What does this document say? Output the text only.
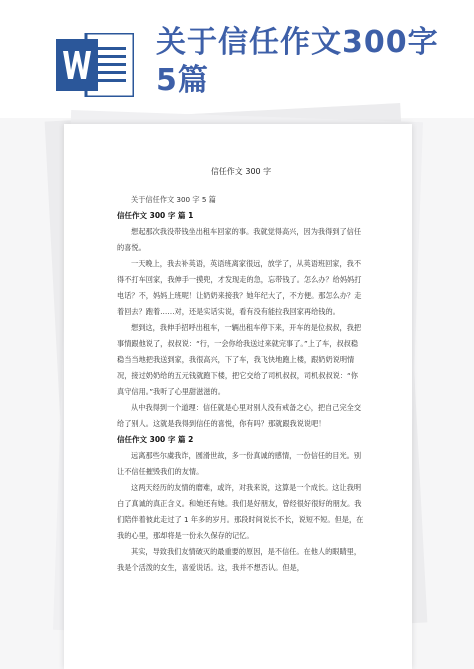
关于信任作文300字5篇
信任作文 300 字

关于信任作文 300 字 5 篇

信任作文 300 字 篇 1

想起那次我没带钱坐出租车回家的事。我就觉得高兴，因为我得到了信任的喜悦。

一天晚上，我去补英语，英语班离家很远，放学了，从英语班回家，我不得不打车回家，我伸手一摸兜，才发现走的急，忘带钱了。怎么办？给妈妈打电话？不，妈妈上班呢！让奶奶来接我？她年纪大了，不方便。那怎么办？走着回去？跑着……对，还是实话实说，看有没有能拉我回家再给钱的。

想到这，我伸手招呼出租车，一辆出租车停下来，开车的是位叔叔，我把事情跟他说了，叔叔说：“行，一会你给我送过来就完事了。”上了车，叔叔稳稳当当地把我送到家，我很高兴，下了车，我飞快地跑上楼，跟奶奶说明情况，接过奶奶给的五元钱就跑下楼，把它交给了司机叔叔，司机叔叔说：“你真守信用。”我听了心里甜滋滋的。

从中我得到一个道理：信任就是心里对别人没有戒备之心，把自己完全交给了别人。这就是我得到信任的喜悦，你有吗？那就跟我说说吧！

信任作文 300 字 篇 2

远离那些尔虞我诈，圆滑世故，多一份真诚的感情，一份信任的目光。别让不信任摧毁我们的友情。

这两天经历的友情的磨难，或许，对我来说，这算是一个成长。这让我明白了真诚的真正含义。和她还有她。我们是好朋友，曾经很好很好的朋友。我们陪伴着彼此走过了 1 年多的岁月。那段时间说长不长，说短不短。但是，在我的心里，那却将是一份永久保存的记忆。

其实，导致我们友情破灭的最重要的原因，是不信任。在他人的眼睛里，我是个活泼的女生，喜爱说话。这，我并不想否认。但是，
